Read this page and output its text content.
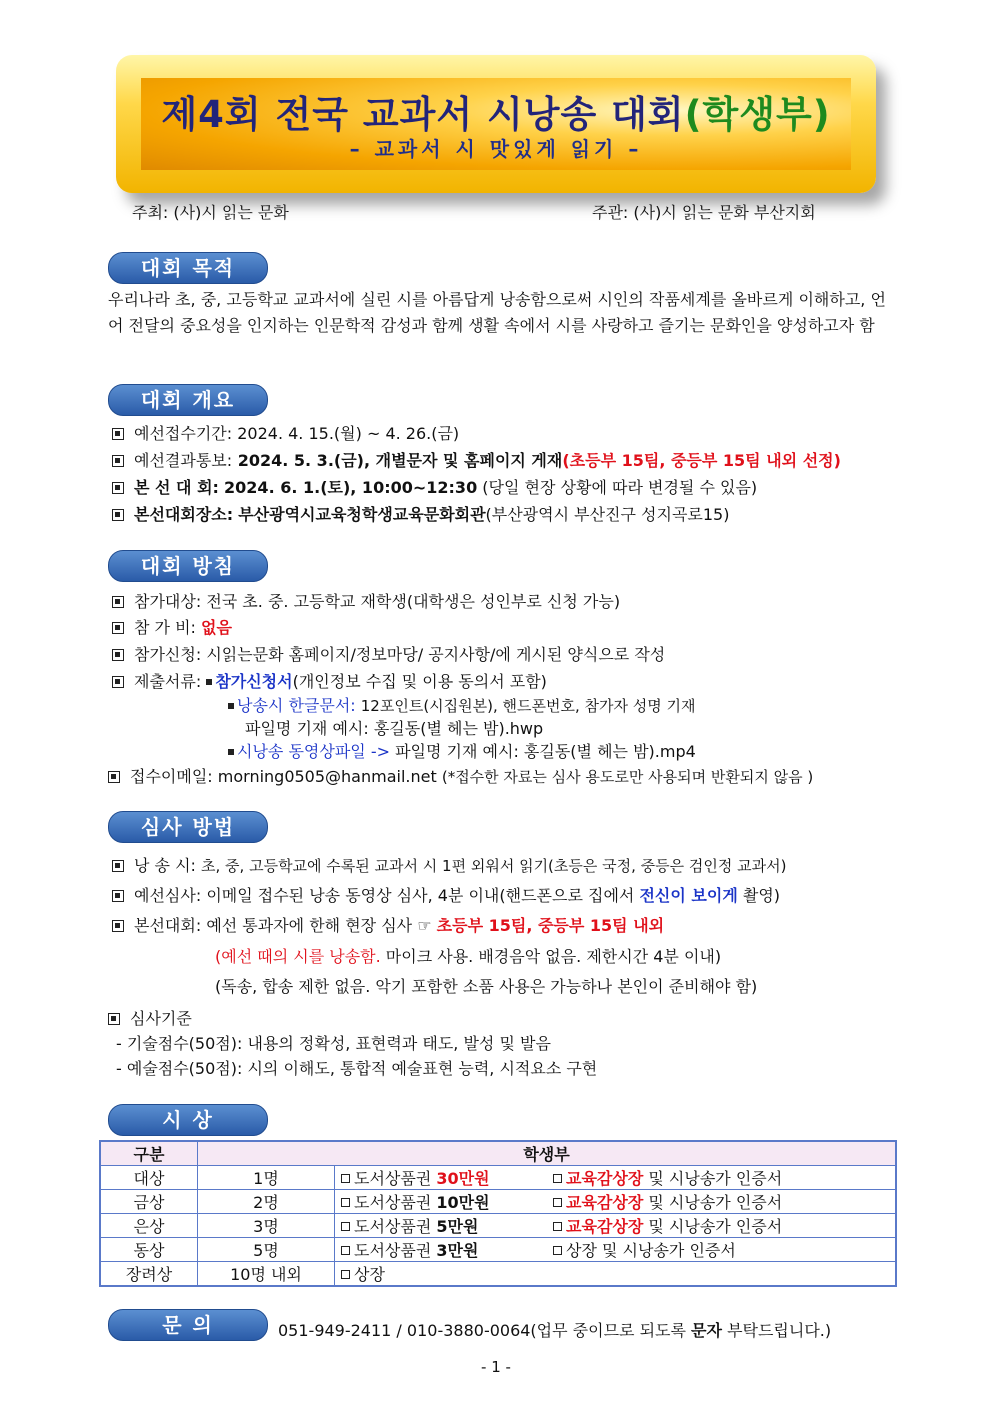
제4회 전국 교과서 시낭송 대회(학생부)
– 교과서 시 맛있게 읽기 –
주최: (사)시 읽는 문화	주관: (사)시 읽는 문화 부산지회
대회 목적
우리나라 초, 중, 고등학교 교과서에 실린 시를 아름답게 낭송함으로써 시인의 작품세계를 올바르게 이해하고, 언어 전달의 중요성을 인지하는 인문학적 감성과 함께 생활 속에서 시를 사랑하고 즐기는 문화인을 양성하고자 함
대회 개요
예선접수기간: 2024. 4. 15.(월) ~ 4. 26.(금)
예선결과통보: 2024. 5. 3.(금), 개별문자 및 홈페이지 게재(초등부 15팀, 중등부 15팀 내외 선정)
본 선 대 회: 2024. 6. 1.(토), 10:00~12:30 (당일 현장 상황에 따라 변경될 수 있음)
본선대회장소: 부산광역시교육청학생교육문화회관(부산광역시 부산진구 성지곡로15)
대회 방침
참가대상: 전국 초. 중. 고등학교 재학생(대학생은 성인부로 신청 가능)
참 가 비: 없음
참가신청: 시읽는문화 홈페이지/정보마당/ 공지사항/에 게시된 양식으로 작성
제출서류: 참가신청서(개인정보 수집 및 이용 동의서 포함)
낭송시 한글문서: 12포인트(시집원본), 핸드폰번호, 참가자 성명 기재
파일명 기재 예시: 홍길동(별 헤는 밤).hwp
시낭송 동영상파일 -> 파일명 기재 예시: 홍길동(별 헤는 밤).mp4
접수이메일: morning0505@hanmail.net (*접수한 자료는 심사 용도로만 사용되며 반환되지 않음 )
심사 방법
낭 송 시: 초, 중, 고등학교에 수록된 교과서 시 1편 외워서 읽기(초등은 국정, 중등은 검인정 교과서)
예선심사: 이메일 접수된 낭송 동영상 심사, 4분 이내(핸드폰으로 집에서 전신이 보이게 촬영)
본선대회: 예선 통과자에 한해 현장 심사 ☞ 초등부 15팀, 중등부 15팀 내외
(예선 때의 시를 낭송함. 마이크 사용. 배경음악 없음. 제한시간 4분 이내)
(독송, 합송 제한 없음. 악기 포함한 소품 사용은 가능하나 본인이 준비해야 함)
심사기준
- 기술점수(50점): 내용의 정확성, 표현력과 태도, 발성 및 발음
- 예술점수(50점): 시의 이해도, 통합적 예술표현 능력, 시적요소 구현
시 상
구분	학생부		
대상	1명	도서상품권 30만원	교육감상장 및 시낭송가 인증서
금상	2명	도서상품권 10만원	교육감상장 및 시낭송가 인증서
은상	3명	도서상품권 5만원	교육감상장 및 시낭송가 인증서
동상	5명	도서상품권 3만원	상장 및 시낭송가 인증서
장려상	10명 내외	상장	
문 의	051-949-2411 / 010-3880-0064(업무 중이므로 되도록 문자 부탁드립니다.)
- 1 -
